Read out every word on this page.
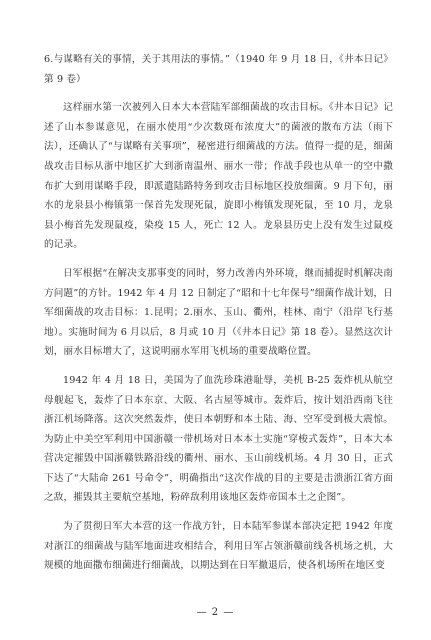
6.与谋略有关的事情，关于其用法的事情。”（1940 年 9 月 18 日，《井本日记》第 9 卷）

这样丽水第一次被列入日本大本营陆军部细菌战的攻击目标。《井本日记》记述了山本参谋意见，在丽水使用“少次数斑布浓度大”的菌液的散布方法（雨下法），还确认了“与谋略有关事项”，秘密进行细菌战的方法。值得一提的是，细菌战攻击目标从浙中地区扩大到浙南温州、丽水一带；作战手段也从单一的空中撒布扩大到用谋略手段，即派遣陆路特务到攻击目标地区投放细菌。9 月下旬，丽水的龙泉县小梅镇第一保首先发现死鼠，旋即小梅镇发现死鼠，至 10 月，龙泉县小梅首先发现鼠疫，染疫 15 人，死亡 12 人。龙泉县历史上没有发生过鼠疫的记录。

日军根据“在解决支那事变的同时，努力改善内外环境，继而捕捉时机解决南方问题”的方针。1942 年 4 月 12 日制定了“昭和十七年保号”细菌作战计划，日军细菌战的攻击目标：1.昆明；2.丽水、玉山、衢州，桂林、南宁（沿岸飞行基地）。实施时间为 6 月以后，8 月或 10 月（《井本日记》第 18 卷）。显然这次计划，丽水目标增大了，这说明丽水军用飞机场的重要战略位置。

1942 年 4 月 18 日，美国为了血洗珍珠港耻辱，美机 B-25 轰炸机从航空母舰起飞，轰炸了日本东京、大阪、名古屋等城市。轰炸后，按计划沿西南飞往浙江机场降落。这次突然轰炸，使日本朝野和本土陆、海、空军受到极大震惊。为防止中美空军利用中国浙赣一带机场对日本本土实施“穿梭式轰炸”，日本大本营决定摧毁中国浙赣铁路沿线的衢州、丽水、玉山前线机场。4 月 30 日，正式下达了“大陆命 261 号命令”，明确指出“这次作战的目的主要是击溃浙江省方面之敌，摧毁其主要航空基地，粉碎敌利用该地区轰炸帝国本土之企图”。

为了贯彻日军大本营的这一作战方针，日本陆军参谋本部决定把 1942 年度对浙江的细菌战与陆军地面进攻相结合，利用日军占领浙赣前线各机场之机，大规模的地面撒布细菌进行细菌战，以期达到在日军撤退后，使各机场所在地区变

— 2 —
